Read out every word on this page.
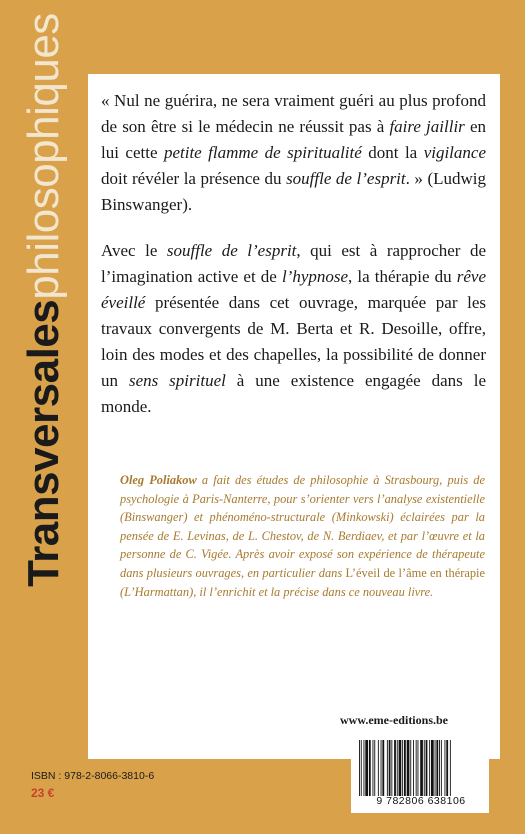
Transversalesphilosophiques « Nul ne guérira, ne sera vraiment guéri au plus profond de son être si le médecin ne réussit pas à faire jaillir en lui cette petite flamme de spiritualité dont la vigilance doit révéler la présence du souffle de l’esprit. » (Ludwig Binswanger).
Avec le souffle de l’esprit, qui est à rapprocher de l’imagination active et de l’hypnose, la thérapie du rêve éveillé présentée dans cet ouvrage, marquée par les travaux convergents de M. Berta et R. Desoille, offre, loin des modes et des chapelles, la possibilité de donner un sens spirituel à une existence engagée dans le monde.
Oleg Poliakow a fait des études de philosophie à Strasbourg, puis de psychologie à Paris-Nanterre, pour s’orienter vers l’analyse existentielle (Binswanger) et phénoméno-structurale (Minkowski) éclairées par la pensée de E. Levinas, de L. Chestov, de N. Berdiaev, et par l’œuvre et la personne de C. Vigée. Après avoir exposé son expérience de thérapeute dans plusieurs ouvrages, en particulier dans L’éveil de l’âme en thérapie (L’Harmattan), il l’enrichit et la précise dans ce nouveau livre.
www.eme-editions.be
9 782806 638106
ISBN : 978-2-8066-3810-6
23 €
